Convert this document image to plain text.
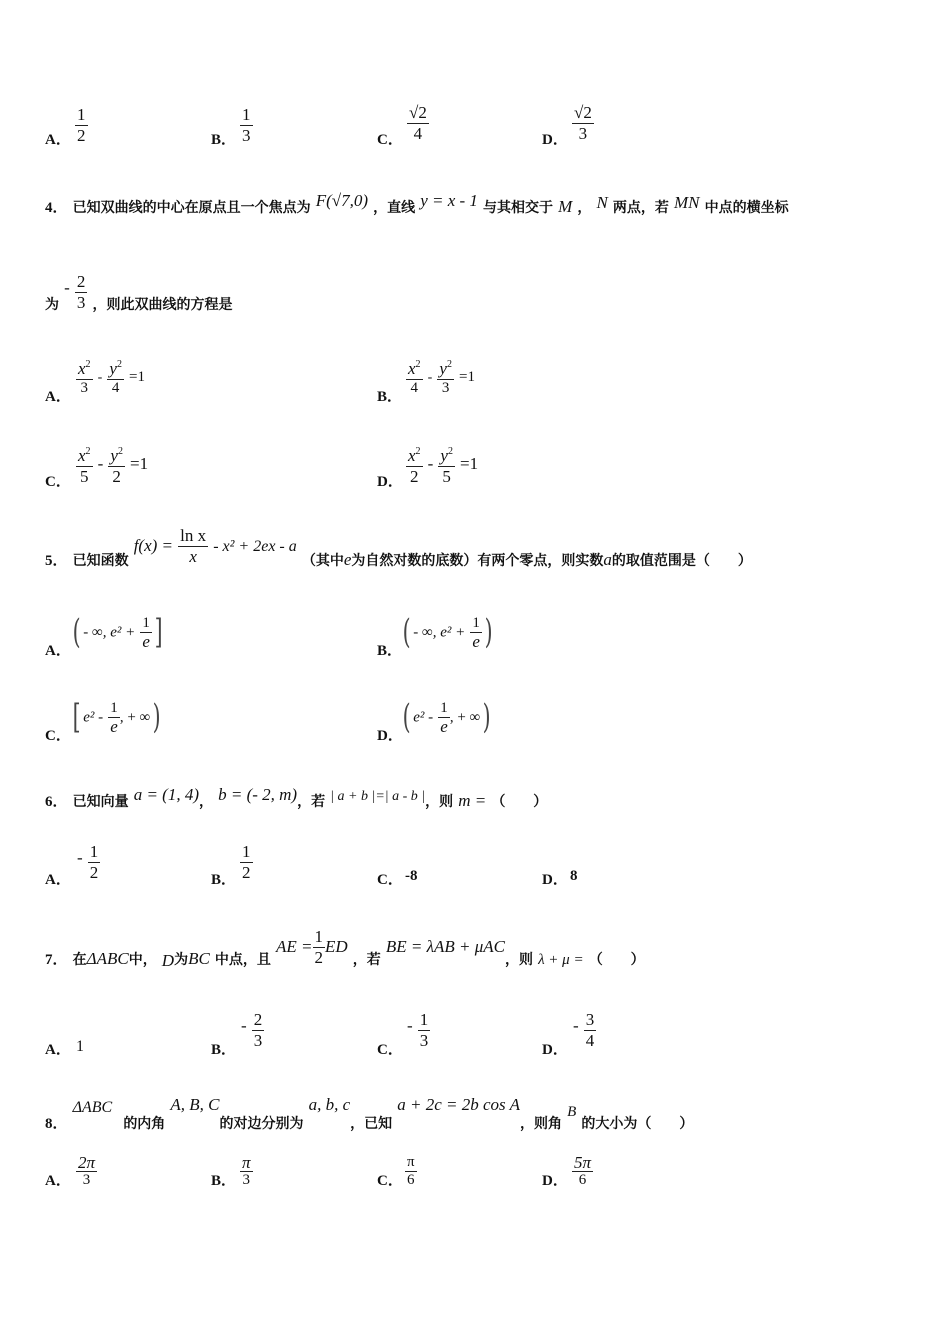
A． $\frac{1}{2}$	B． $\frac{1}{3}$	C． $\frac{√2}{4}$	D． $\frac{√2}{3}$
4． 已知双曲线的中心在原点且一个焦点为 F(√7,0) ，直线 y = x - 1 与其相交于 M ， N 两点，若 MN 中点的横坐标
为 - $\frac{2}{3}$ ，则此双曲线的方程是
A． $\frac{x^2}{3} - \frac{y^2}{4} =1$
B． $\frac{x^2}{4} - \frac{y^2}{3} =1$
C． $\frac{x^2}{5} - \frac{y^2}{2} =1$
D． $\frac{x^2}{2} - \frac{y^2}{5} =1$
5． 已知函数 $f(x) = \frac{\text{ln x}}{x} - x^2 + 2ex - a$ （其中e为自然对数的底数）有两个零点，则实数a的取值范围是（　　）
A． ( - ∞, $e^2 + \frac{1}{e}$ ]	B． ( - ∞, $e^2 + \frac{1}{e}$ )
C． [ $e^2 - \frac{1}{e}$ , + ∞)	D． ( $e^2 - \frac{1}{e}$ , + ∞)
6． 已知向量 a = (1, 4)， b = (- 2, m)，若 | a + b |=| a - b |，则 m = （　　）
A．
- $\frac{1}{2}$	B． $\frac{1}{2}$	C． -8	D． 8
7． 在ΔABC中， D为BC 中点，且 AE = $\frac{1}{2}$ ED ，若 BE = λAB + μAC，则 λ + μ = （　　）
A． 1	B．
- $\frac{2}{3}$	C．
- $\frac{1}{3}$	D．
- $\frac{3}{4}$
8． ΔABC 的内角 A, B, C的对边分别为 a, b, c，已知 a + 2c = 2b cos A，则角 B 的大小为（　　）
A． $\frac{2\pi}{3}$	B． $\frac{\pi}{3}$	C． $\frac{\pi}{6}$	D． $\frac{5\pi}{6}$
